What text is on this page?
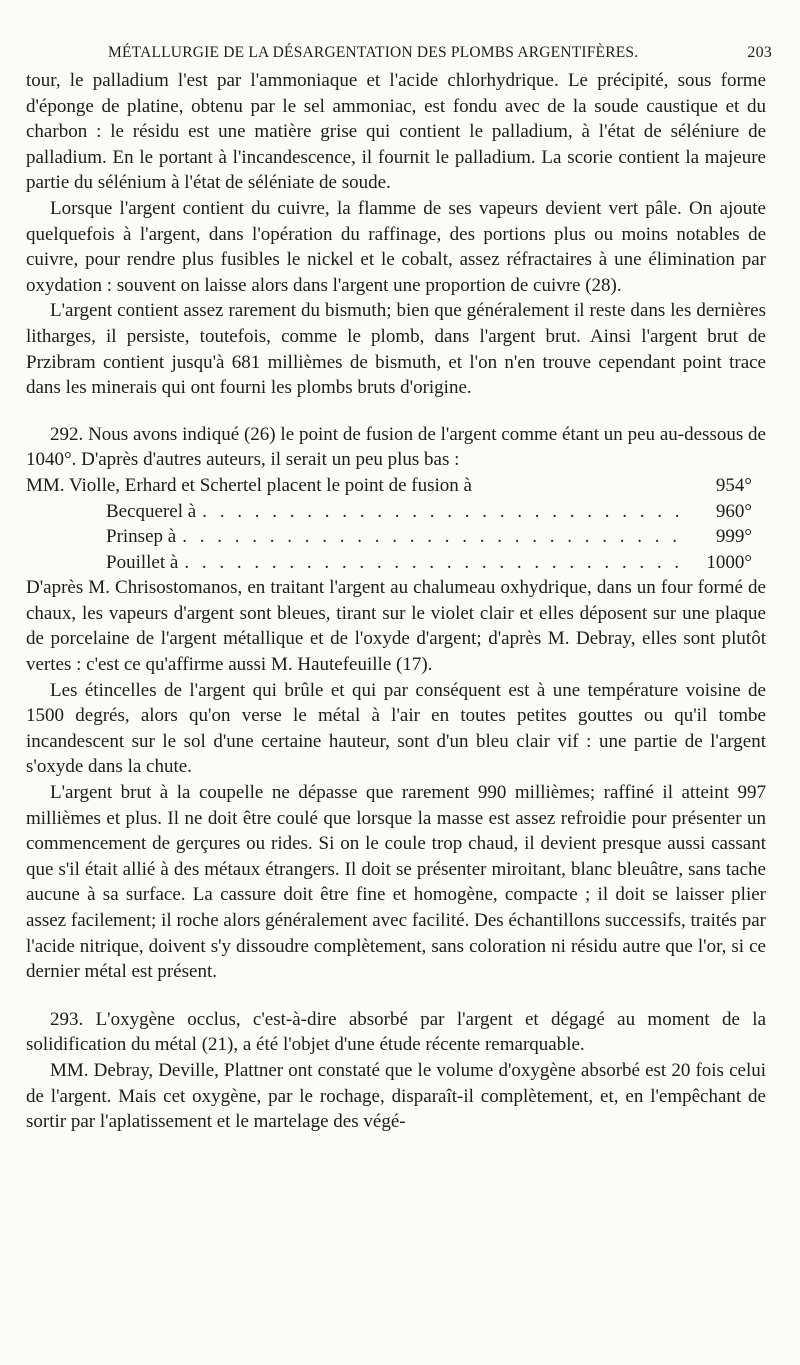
MÉTALLURGIE DE LA DÉSARGENTATION DES PLOMBS ARGENTIFÈRES.	203

tour, le palladium l'est par l'ammoniaque et l'acide chlorhydrique. Le précipité, sous forme d'éponge de platine, obtenu par le sel ammoniac, est fondu avec de la soude caustique et du charbon : le résidu est une matière grise qui contient le palladium, à l'état de séléniure de palladium. En le portant à l'incandescence, il fournit le palladium. La scorie contient la majeure partie du sélénium à l'état de séléniate de soude.

Lorsque l'argent contient du cuivre, la flamme de ses vapeurs devient vert pâle. On ajoute quelquefois à l'argent, dans l'opération du raffinage, des portions plus ou moins notables de cuivre, pour rendre plus fusibles le nickel et le cobalt, assez réfractaires à une élimination par oxydation : souvent on laisse alors dans l'argent une proportion de cuivre (28).

L'argent contient assez rarement du bismuth; bien que généralement il reste dans les dernières litharges, il persiste, toutefois, comme le plomb, dans l'argent brut. Ainsi l'argent brut de Przibram contient jusqu'à 681 millièmes de bismuth, et l'on n'en trouve cependant point trace dans les minerais qui ont fourni les plombs bruts d'origine.

292. Nous avons indiqué (26) le point de fusion de l'argent comme étant un peu au-dessous de 1040°. D'après d'autres auteurs, il serait un peu plus bas :

MM. Violle, Erhard et Schertel placent le point de fusion à	954°
Becquerel à . . .	960°
Prinsep à . . .	999°
Pouillet à . . .	1000°

D'après M. Chrisostomanos, en traitant l'argent au chalumeau oxhydrique, dans un four formé de chaux, les vapeurs d'argent sont bleues, tirant sur le violet clair et elles déposent sur une plaque de porcelaine de l'argent métallique et de l'oxyde d'argent; d'après M. Debray, elles sont plutôt vertes : c'est ce qu'affirme aussi M. Hautefeuille (17).

Les étincelles de l'argent qui brûle et qui par conséquent est à une température voisine de 1500 degrés, alors qu'on verse le métal à l'air en toutes petites gouttes ou qu'il tombe incandescent sur le sol d'une certaine hauteur, sont d'un bleu clair vif : une partie de l'argent s'oxyde dans la chute.

L'argent brut à la coupelle ne dépasse que rarement 990 millièmes; raffiné il atteint 997 millièmes et plus. Il ne doit être coulé que lorsque la masse est assez refroidie pour présenter un commencement de gerçures ou rides. Si on le coule trop chaud, il devient presque aussi cassant que s'il était allié à des métaux étrangers. Il doit se présenter miroitant, blanc bleuâtre, sans tache aucune à sa surface. La cassure doit être fine et homogène, compacte ; il doit se laisser plier assez facilement; il roche alors généralement avec facilité. Des échantillons successifs, traités par l'acide nitrique, doivent s'y dissoudre complètement, sans coloration ni résidu autre que l'or, si ce dernier métal est présent.

293. L'oxygène occlus, c'est-à-dire absorbé par l'argent et dégagé au moment de la solidification du métal (21), a été l'objet d'une étude récente remarquable.

MM. Debray, Deville, Plattner ont constaté que le volume d'oxygène absorbé est 20 fois celui de l'argent. Mais cet oxygène, par le rochage, disparaît-il complètement, et, en l'empêchant de sortir par l'aplatissement et le martelage des végé-
